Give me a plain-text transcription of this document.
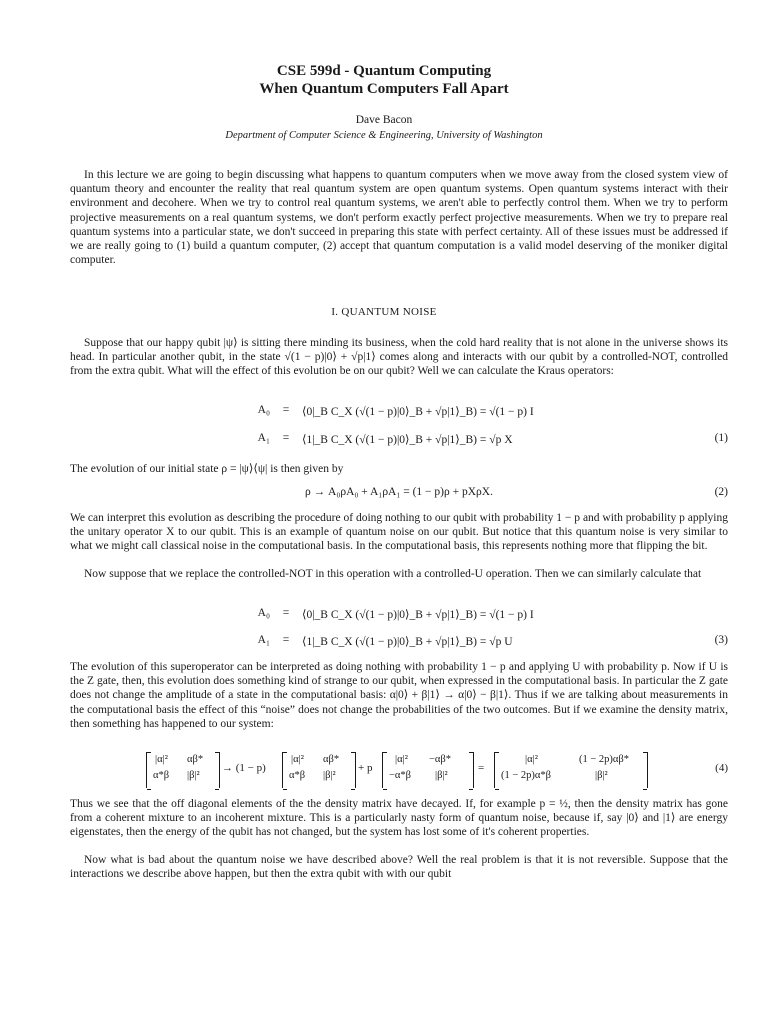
CSE 599d - Quantum Computing
When Quantum Computers Fall Apart
Dave Bacon
Department of Computer Science & Engineering, University of Washington

In this lecture we are going to begin discussing what happens to quantum computers when we move away from the closed system view of quantum theory and encounter the reality that real quantum system are open quantum systems. Open quantum systems interact with their environment and decohere. When we try to control real quantum systems, we aren't able to perfectly control them. When we try to perform projective measurements on a real quantum systems, we don't perform exactly perfect projective measurements. When we try to prepare real quantum systems into a particular state, we don't succeed in preparing this state with perfect certainty. All of these issues must be addressed if we are really going to (1) build a quantum computer, (2) accept that quantum computation is a valid model deserving of the moniker digital computer.

I. QUANTUM NOISE

Suppose that our happy qubit |ψ⟩ is sitting there minding its business, when the cold hard reality that is not alone in the universe shows its head. In particular another qubit, in the state √(1 − p)|0⟩ + √p|1⟩ comes along and interacts with our qubit by a controlled-NOT, controlled from the extra qubit. What will the effect of this evolution be on our qubit? Well we can calculate the Kraus operators:

A₀	=	⟨0|_B C_X (√(1 − p)|0⟩_B + √p|1⟩_B) = √(1 − p) I
A₁	=	⟨1|_B C_X (√(1 − p)|0⟩_B + √p|1⟩_B) = √p X	(1)

The evolution of our initial state ρ = |ψ⟩⟨ψ| is then given by

ρ → A₀ρA₀ + A₁ρA₁ = (1 − p)ρ + pXρX.	(2)

We can interpret this evolution as describing the procedure of doing nothing to our qubit with probability 1 − p and with probability p applying the unitary operator X to our qubit. This is an example of quantum noise on our qubit. But notice that this quantum noise is very similar to what we might call classical noise in the computational basis. In the computational basis, this represents nothing more that flipping the bit.

Now suppose that we replace the controlled-NOT in this operation with a controlled-U operation. Then we can similarly calculate that

A₀	=	⟨0|_B C_X (√(1 − p)|0⟩_B + √p|1⟩_B) = √(1 − p) I
A₁	=	⟨1|_B C_X (√(1 − p)|0⟩_B + √p|1⟩_B) = √p U	(3)

The evolution of this superoperator can be interpreted as doing nothing with probability 1 − p and applying U with probability p. Now if U is the Z gate, then, this evolution does something kind of strange to our qubit, when expressed in the computational basis. In particular the Z gate does not change the amplitude of a state in the computational basis: α|0⟩ + β|1⟩ → α|0⟩ − β|1⟩. Thus if we are talking about measurements in the computational basis the effect of this “noise” does not change the probabilities of the two outcomes. But if we examine the density matrix, then something has happened to our system:

|α|² αβ*
α*β |β|²
→ (1 − p)
|α|² αβ*
α*β |β|²
+ p
|α|² −αβ*
−α*β |β|²
=
|α|²	(1 − 2p)αβ*
(1 − 2p)α*β	|β|²
(4)

Thus we see that the off diagonal elements of the the density matrix have decayed. If, for example p = ½, then the density matrix has gone from a coherent mixture to an incoherent mixture. This is a particularly nasty form of quantum noise, because if, say |0⟩ and |1⟩ are energy eigenstates, then the energy of the qubit has not changed, but the system has lost some of it's coherent properties.

Now what is bad about the quantum noise we have described above? Well the real problem is that it is not reversible. Suppose that the interactions we describe above happen, but then the extra qubit with with our qubit
